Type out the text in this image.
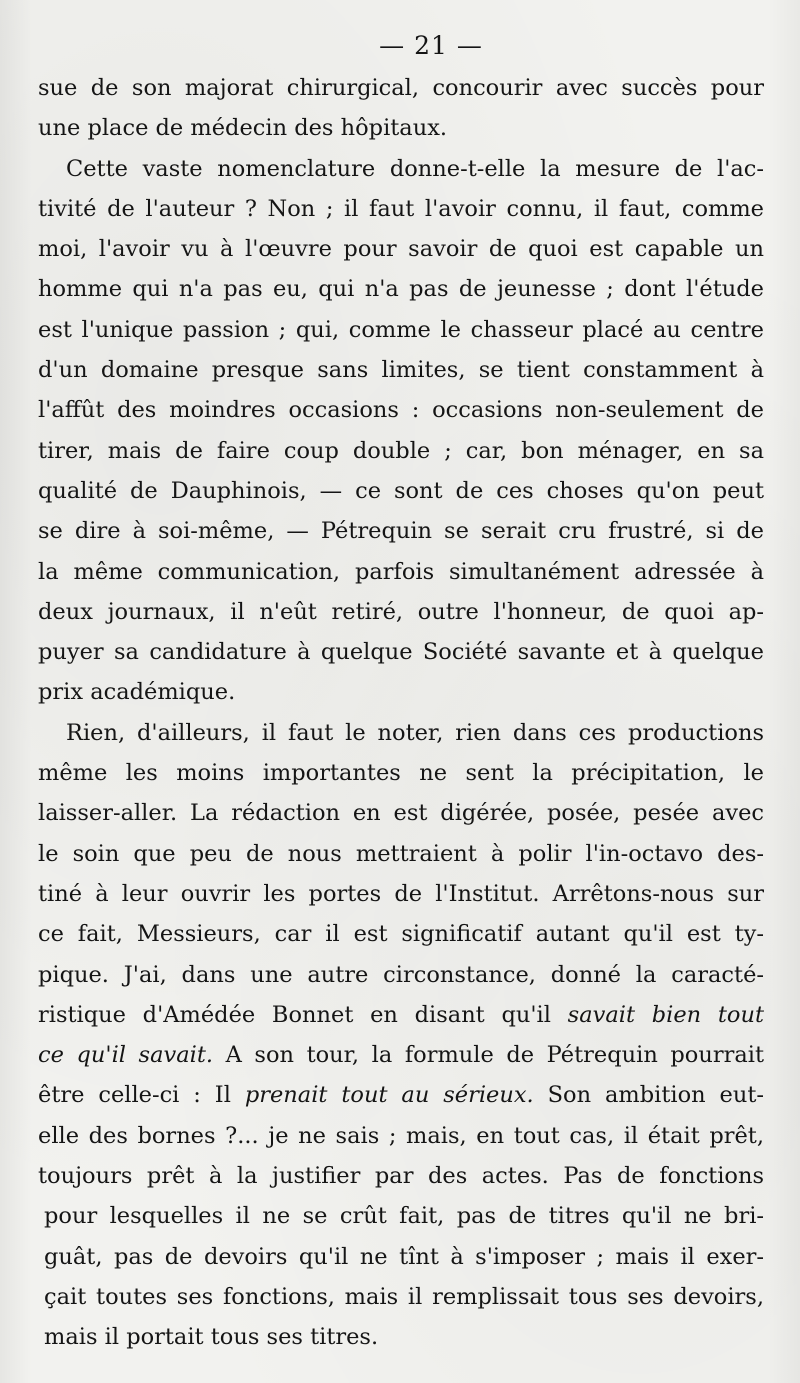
— 21 —
sue de son majorat chirurgical, concourir avec succès pour
une place de médecin des hôpitaux.
Cette vaste nomenclature donne-t-elle la mesure de l'ac-
tivité de l'auteur ? Non ; il faut l'avoir connu, il faut, comme
moi, l'avoir vu à l'œuvre pour savoir de quoi est capable un
homme qui n'a pas eu, qui n'a pas de jeunesse ; dont l'étude
est l'unique passion ; qui, comme le chasseur placé au centre
d'un domaine presque sans limites, se tient constamment à
l'affût des moindres occasions : occasions non-seulement de
tirer, mais de faire coup double ; car, bon ménager, en sa
qualité de Dauphinois, — ce sont de ces choses qu'on peut
se dire à soi-même, — Pétrequin se serait cru frustré, si de
la même communication, parfois simultanément adressée à
deux journaux, il n'eût retiré, outre l'honneur, de quoi ap-
puyer sa candidature à quelque Société savante et à quelque
prix académique.
Rien, d'ailleurs, il faut le noter, rien dans ces productions
même les moins importantes ne sent la précipitation, le
laisser-aller. La rédaction en est digérée, posée, pesée avec
le soin que peu de nous mettraient à polir l'in-octavo des-
tiné à leur ouvrir les portes de l'Institut. Arrêtons-nous sur
ce fait, Messieurs, car il est significatif autant qu'il est ty-
pique. J'ai, dans une autre circonstance, donné la caracté-
ristique d'Amédée Bonnet en disant qu'il savait bien tout
ce qu'il savait. A son tour, la formule de Pétrequin pourrait
être celle-ci : Il prenait tout au sérieux. Son ambition eut-
elle des bornes ?... je ne sais ; mais, en tout cas, il était prêt,
toujours prêt à la justifier par des actes. Pas de fonctions
pour lesquelles il ne se crût fait, pas de titres qu'il ne bri-
guât, pas de devoirs qu'il ne tînt à s'imposer ; mais il exer-
çait toutes ses fonctions, mais il remplissait tous ses devoirs,
mais il portait tous ses titres.
